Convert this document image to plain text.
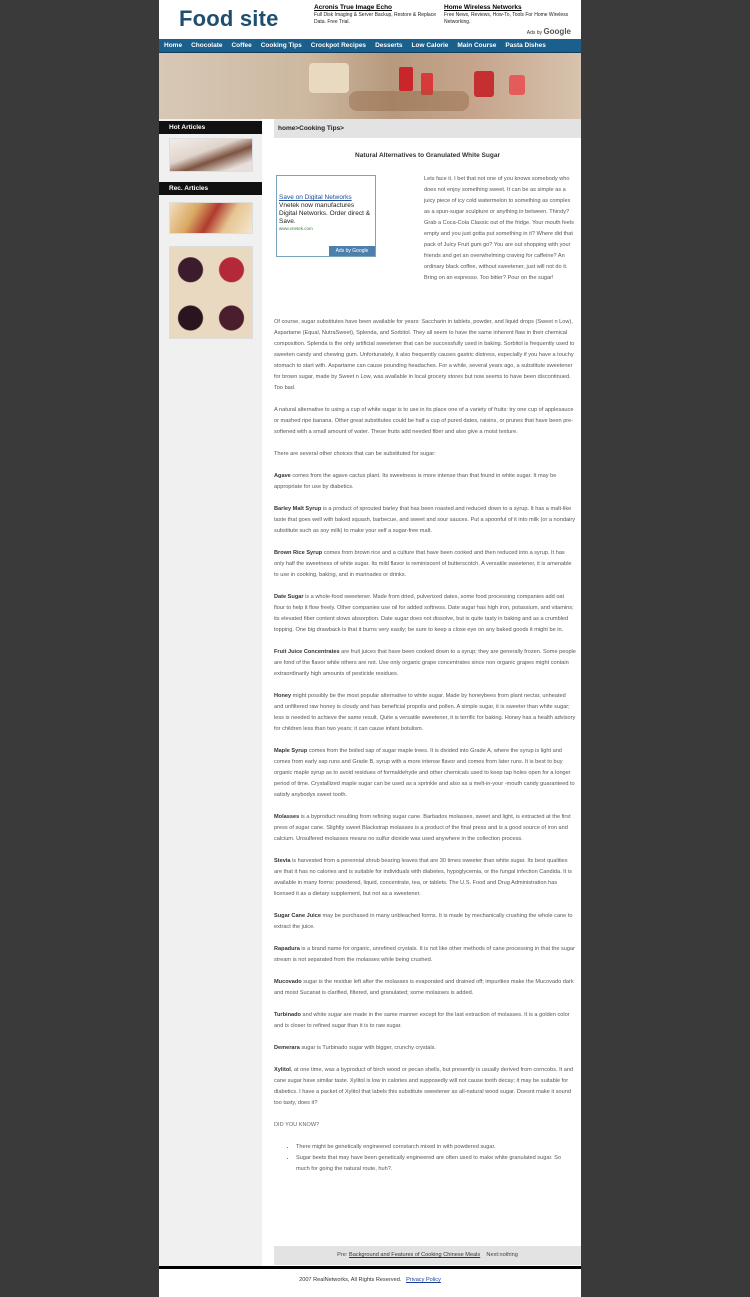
Food site	Acronis True Image Echo
Full Disk Imaging & Server Backup, Restore & Replace Data. Free Trial.
Home Wireless Networks
Free News, Reviews, How-To, Tools For Home Wireless Networking.
Ads by Google
Home Chocolate Coffee Cooking Tips Crockpot Recipes Desserts Low Calorie Main Course Pasta Dishes
Hot Articles
Rec. Articles
home>Cooking Tips>
Natural Alternatives to Granulated White Sugar
Save on Digital Networks
Vnetek now manufactures Digital Networks. Order direct & Save.
www.vnetek.com
Ads by Google
Lets face it. I bet that not one of you knows somebody who does not enjoy something sweet. It can be as simple as a juicy piece of icy cold watermelon to something as complex as a spun-sugar sculpture or anything in between. Thirsty? Grab a Coca-Cola Classic out of the fridge. Your mouth feels empty and you just gotta put something in it? Where did that pack of Juicy Fruit gum go? You are out shopping with your friends and get an overwhelming craving for caffeine? An ordinary black coffee, without sweetener, just will not do it. Bring on an espresso. Too bitter? Pour on the sugar!

Of course, sugar substitutes have been available for years: Saccharin in tablets, powder, and liquid drops (Sweet n Low), Aspartame (Equal, NutraSweet), Splenda, and Sorbitol. They all seem to have the same inherent flaw in their chemical composition. Splenda is the only artificial sweetener that can be successfully used in baking. Sorbitol is frequently used to sweeten candy and chewing gum. Unfortunately, it also frequently causes gastric distress, especially if you have a touchy stomach to start with. Aspartame can cause pounding headaches. For a while, several years ago, a substitute sweetener for brown sugar, made by Sweet n Low, was available in local grocery stores but now seems to have been discontinued. Too bad.

A natural alternative to using a cup of white sugar is to use in its place one of a variety of fruits: try one cup of applesauce or mashed ripe banana. Other great substitutes could be half a cup of pured dates, raisins, or prunes that have been pre-softened with a small amount of water. These fruits add needed fiber and also give a moist texture.

There are several other choices that can be substituted for sugar:

Agave comes from the agave cactus plant. Its sweetness is more intense than that found in white sugar. It may be appropriate for use by diabetics.

Barley Malt Syrup is a product of sprouted barley that has been roasted and reduced down to a syrup. It has a malt-like taste that goes well with baked squash, barbecue, and sweet and sour sauces. Put a spoonful of it into milk (or a nondairy substitute such as soy milk) to make your self a sugar-free malt.

Brown Rice Syrup comes from brown rice and a culture that have been cooked and then reduced into a syrup. It has only half the sweetness of white sugar. Its mild flavor is reminiscent of butterscotch. A versatile sweetener, it is amenable to use in cooking, baking, and in marinades or drinks.

Date Sugar is a whole-food sweetener. Made from dried, pulverized dates, some food processing companies add oat flour to help it flow freely. Other companies use oil for added softness. Date sugar has high iron, potassium, and vitamins; its elevated fiber content slows absorption. Date sugar does not dissolve, but is quite tasty in baking and as a crumbled topping. One big drawback is that it burns very easily; be sure to keep a close eye on any baked goods it might be in.

Fruit Juice Concentrates are fruit juices that have been cooked down to a syrup; they are generally frozen. Some people are fond of the flavor while others are not. Use only organic grape concentrates since non organic grapes might contain extraordinarily high amounts of pesticide residues.

Honey might possibly be the most popular alternative to white sugar. Made by honeybees from plant nectar, unheated and unfiltered raw honey is cloudy and has beneficial propolis and pollen. A simple sugar, it is sweeter than white sugar; less is needed to achieve the same result. Quite a versatile sweetener, it is terrific for baking. Honey has a health advisory for children less than two years; it can cause infant botulism.

Maple Syrup comes from the boiled sap of sugar maple trees. It is divided into Grade A, where the syrup is light and comes from early sap runs and Grade B, syrup with a more intense flavor and comes from later runs. It is best to buy organic maple syrup as to avoid residues of formaldehyde and other chemicals used to keep tap holes open for a longer period of time. Crystallized maple sugar can be used as a sprinkle and also as a melt-in-your -mouth candy guaranteed to satisfy anybodys sweet tooth.

Molasses is a byproduct resulting from refining sugar cane. Barbados molasses, sweet and light, is extracted at the first press of sugar cane. Slightly sweet Blackstrap molasses is a product of the final press and is a good source of iron and calcium. Unsulfered molasses means no sulfur dioxide was used anywhere in the collection process.

Stevia is harvested from a perennial shrub bearing leaves that are 30 times sweeter than white sugar. Its best qualities are that it has no calories and is suitable for individuals with diabetes, hypoglycemia, or the fungal infection Candida. It is available in many forms: powdered, liquid, concentrate, tea, or tablets. The U.S. Food and Drug Administration has licensed it as a dietary supplement, but not as a sweetener.

Sugar Cane Juice may be purchased in many unbleached forms. It is made by mechanically crushing the whole cane to extract the juice.

Rapadura is a brand name for organic, unrefined crystals. It is not like other methods of cane processing in that the sugar stream is not separated from the molasses while being crushed.

Mucovado sugar is the residue left after the molasses is evaporated and drained off; impurities make the Mucovado dark and moist Sucanat is clarified, filtered, and granulated; some molasses is added.

Turbinado and white sugar are made in the same manner except for the last extraction of molasses. It is a golden color and is closer to refined sugar than it is to raw sugar.

Demerara sugar is Turbinado sugar with bigger, crunchy crystals.

Xylitol, at one time, was a byproduct of birch wood or pecan shells, but presently is usually derived from corncobs. It and cane sugar have similar taste. Xylitol is low in calories and supposedly will not cause tooth decay; it may be suitable for diabetics. I have a packet of Xylitol that labels this substitute sweetener as all-natural wood sugar. Doesnt make it sound too tasty, does it?

DID YOU KNOW?

• There might be genetically engineered cornstarch mixed in with powdered sugar.
• Sugar beets that may have been genetically engineered are often used to make white granulated sugar. So much for going the natural route, huh?.
Pre: Background and Features of Cooking Chinese Meals Next:nothing
2007 RealNetworks, All Rights Reserved. Privacy Policy
